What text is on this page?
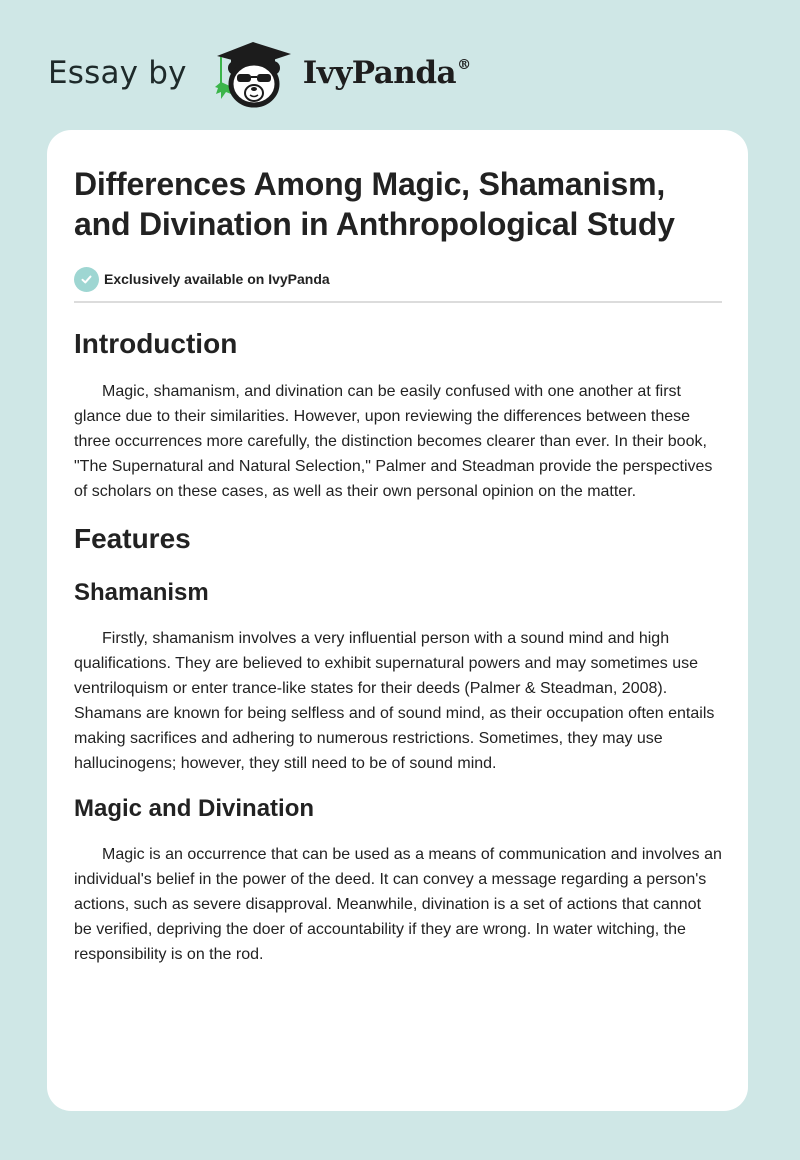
Essay by	IvyPanda®
Differences Among Magic, Shamanism, and Divination in Anthropological Study
Exclusively available on IvyPanda
Introduction

Magic, shamanism, and divination can be easily confused with one another at first glance due to their similarities. However, upon reviewing the differences between these three occurrences more carefully, the distinction becomes clearer than ever. In their book, "The Supernatural and Natural Selection," Palmer and Steadman provide the perspectives of scholars on these cases, as well as their own personal opinion on the matter.

Features
Shamanism

Firstly, shamanism involves a very influential person with a sound mind and high qualifications. They are believed to exhibit supernatural powers and may sometimes use ventriloquism or enter trance-like states for their deeds (Palmer & Steadman, 2008). Shamans are known for being selfless and of sound mind, as their occupation often entails making sacrifices and adhering to numerous restrictions. Sometimes, they may use hallucinogens; however, they still need to be of sound mind.

Magic and Divination

Magic is an occurrence that can be used as a means of communication and involves an individual's belief in the power of the deed. It can convey a message regarding a person's actions, such as severe disapproval. Meanwhile, divination is a set of actions that cannot be verified, depriving the doer of accountability if they are wrong. In water witching, the responsibility is on the rod.
